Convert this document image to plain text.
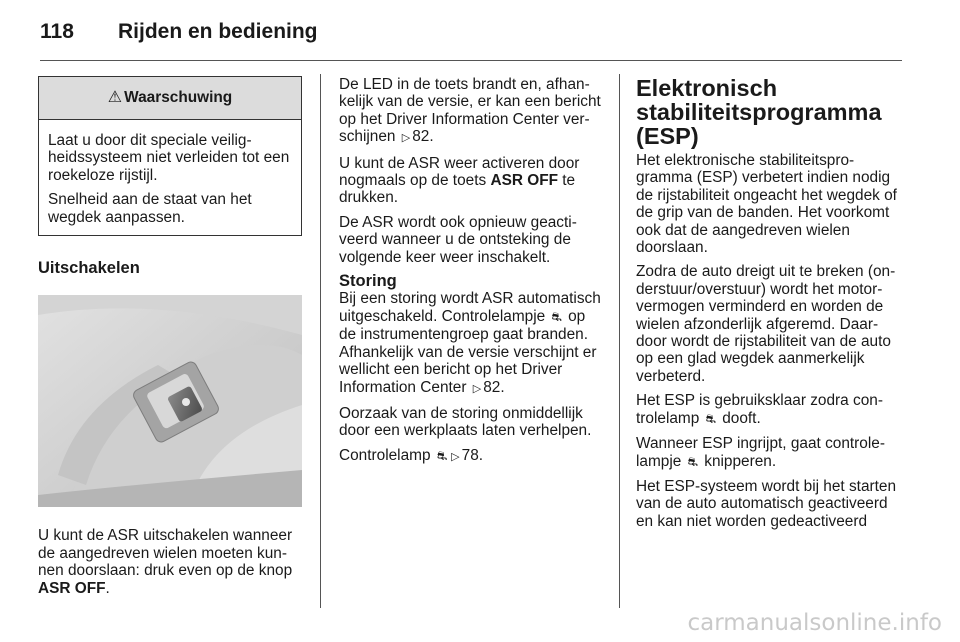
118 Rijden en bediening
⚠ Waarschuwing

Laat u door dit speciale veiligheidssysteem niet verleiden tot een roekeloze rijstijl.

Snelheid aan de staat van het wegdek aanpassen.

Uitschakelen

U kunt de ASR uitschakelen wanneer de aangedreven wielen moeten kunnen doorslaan: druk even op de knop ASR OFF.

De LED in de toets brandt en, afhankelijk van de versie, er kan een bericht op het Driver Information Center verschijnen ▷ 82.

U kunt de ASR weer activeren door nogmaals op de toets ASR OFF te drukken.

De ASR wordt ook opnieuw geactiveerd wanneer u de ontsteking de volgende keer weer inschakelt.

Storing

Bij een storing wordt ASR automatisch uitgeschakeld. Controlelampje ⛐ op de instrumentengroep gaat branden. Afhankelijk van de versie verschijnt er wellicht een bericht op het Driver Information Center ▷ 82.

Oorzaak van de storing onmiddellijk door een werkplaats laten verhelpen.

Controlelamp ⛐ ▷ 78.

Elektronisch stabiliteitsprogramma (ESP)

Het elektronische stabiliteitsprogramma (ESP) verbetert indien nodig de rijstabiliteit ongeacht het wegdek of de grip van de banden. Het voorkomt ook dat de aangedreven wielen doorslaan.

Zodra de auto dreigt uit te breken (onderstuur/overstuur) wordt het motorvermogen verminderd en worden de wielen afzonderlijk afgeremd. Daardoor wordt de rijstabiliteit van de auto op een glad wegdek aanmerkelijk verbeterd.

Het ESP is gebruiksklaar zodra controlelamp ⛐ dooft.

Wanneer ESP ingrijpt, gaat controlelampje ⛐ knipperen.

Het ESP-systeem wordt bij het starten van de auto automatisch geactiveerd en kan niet worden gedeactiveerd

carmanualsonline.info
